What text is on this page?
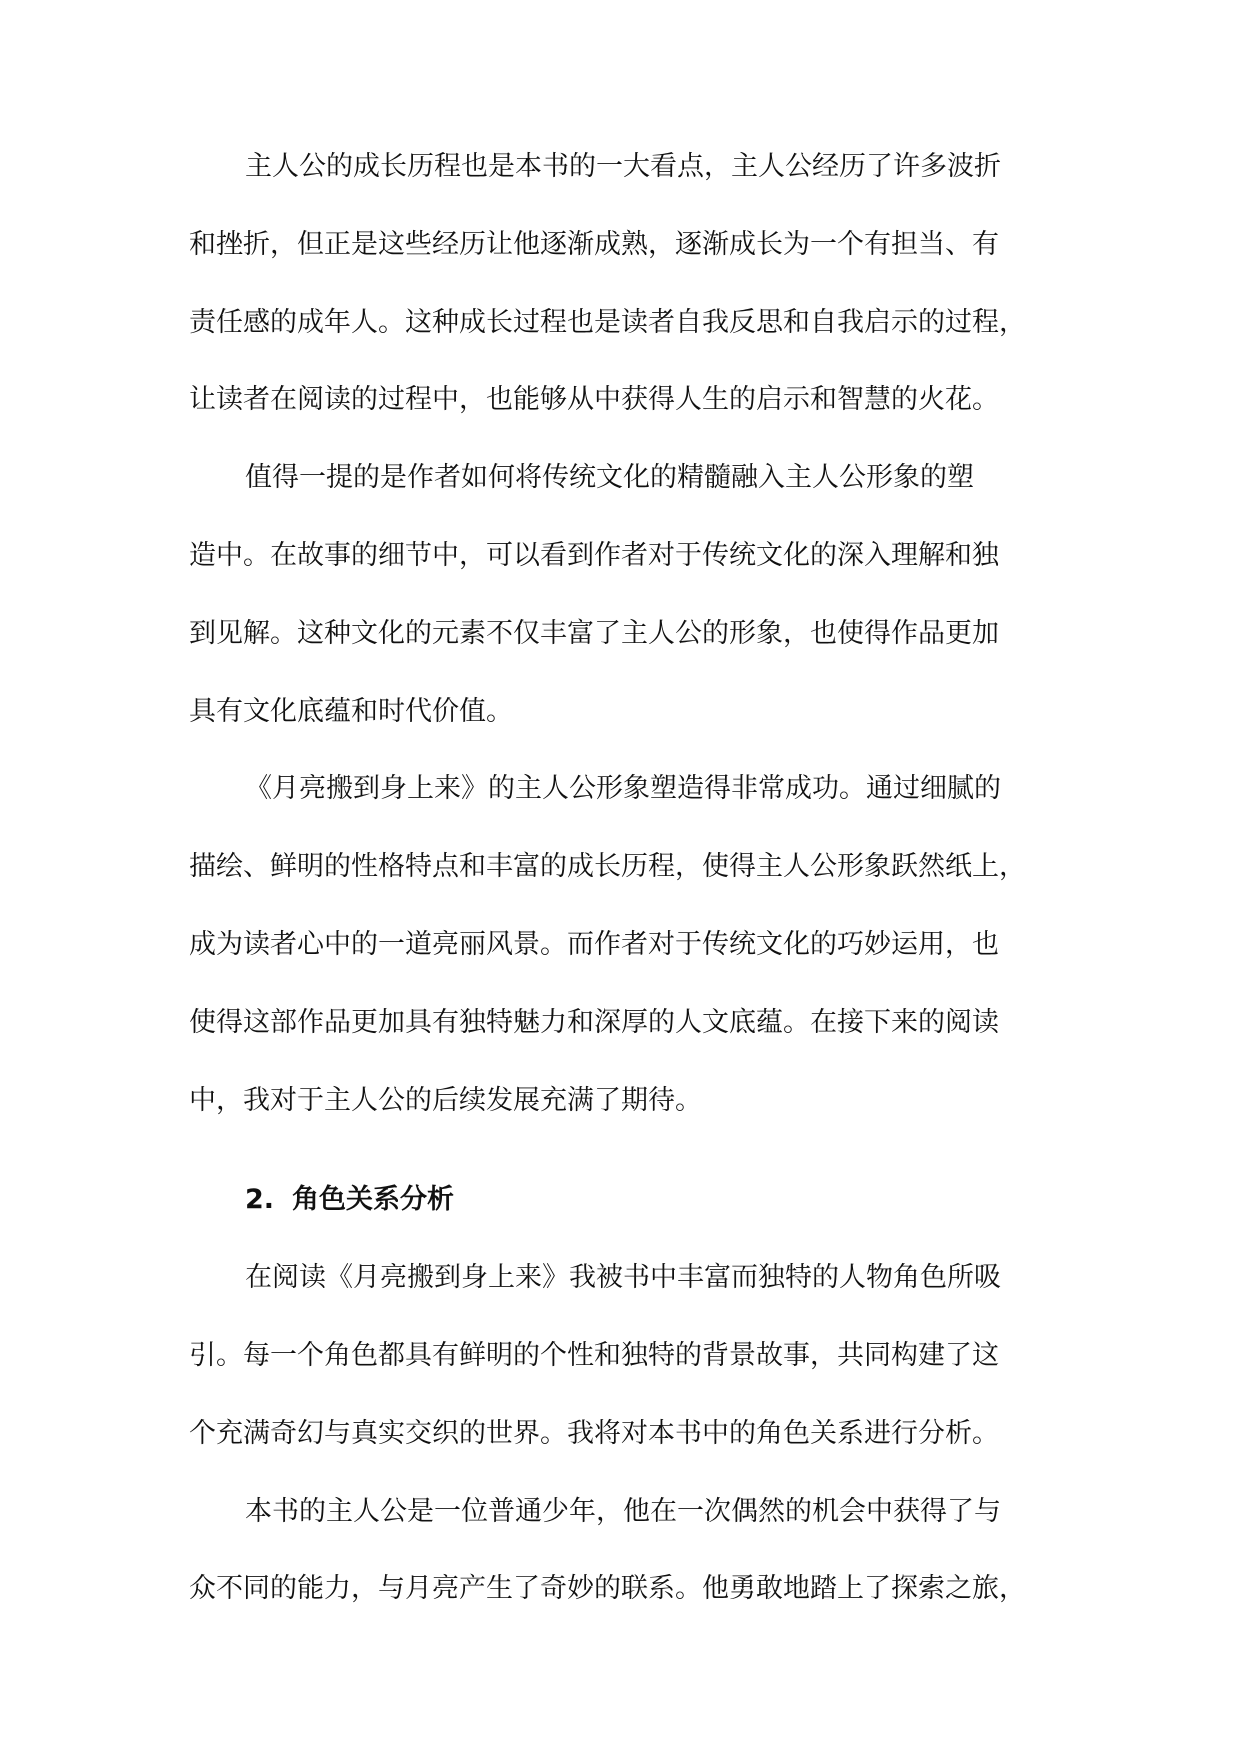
主人公的成长历程也是本书的一大看点，主人公经历了许多波折
和挫折，但正是这些经历让他逐渐成熟，逐渐成长为一个有担当、有
责任感的成年人。这种成长过程也是读者自我反思和自我启示的过程，
让读者在阅读的过程中，也能够从中获得人生的启示和智慧的火花。
值得一提的是作者如何将传统文化的精髓融入主人公形象的塑
造中。在故事的细节中，可以看到作者对于传统文化的深入理解和独
到见解。这种文化的元素不仅丰富了主人公的形象，也使得作品更加
具有文化底蕴和时代价值。
《月亮搬到身上来》的主人公形象塑造得非常成功。通过细腻的
描绘、鲜明的性格特点和丰富的成长历程，使得主人公形象跃然纸上，
成为读者心中的一道亮丽风景。而作者对于传统文化的巧妙运用，也
使得这部作品更加具有独特魅力和深厚的人文底蕴。在接下来的阅读
中，我对于主人公的后续发展充满了期待。
2. 角色关系分析
在阅读《月亮搬到身上来》我被书中丰富而独特的人物角色所吸
引。每一个角色都具有鲜明的个性和独特的背景故事，共同构建了这
个充满奇幻与真实交织的世界。我将对本书中的角色关系进行分析。
本书的主人公是一位普通少年，他在一次偶然的机会中获得了与
众不同的能力，与月亮产生了奇妙的联系。他勇敢地踏上了探索之旅，
